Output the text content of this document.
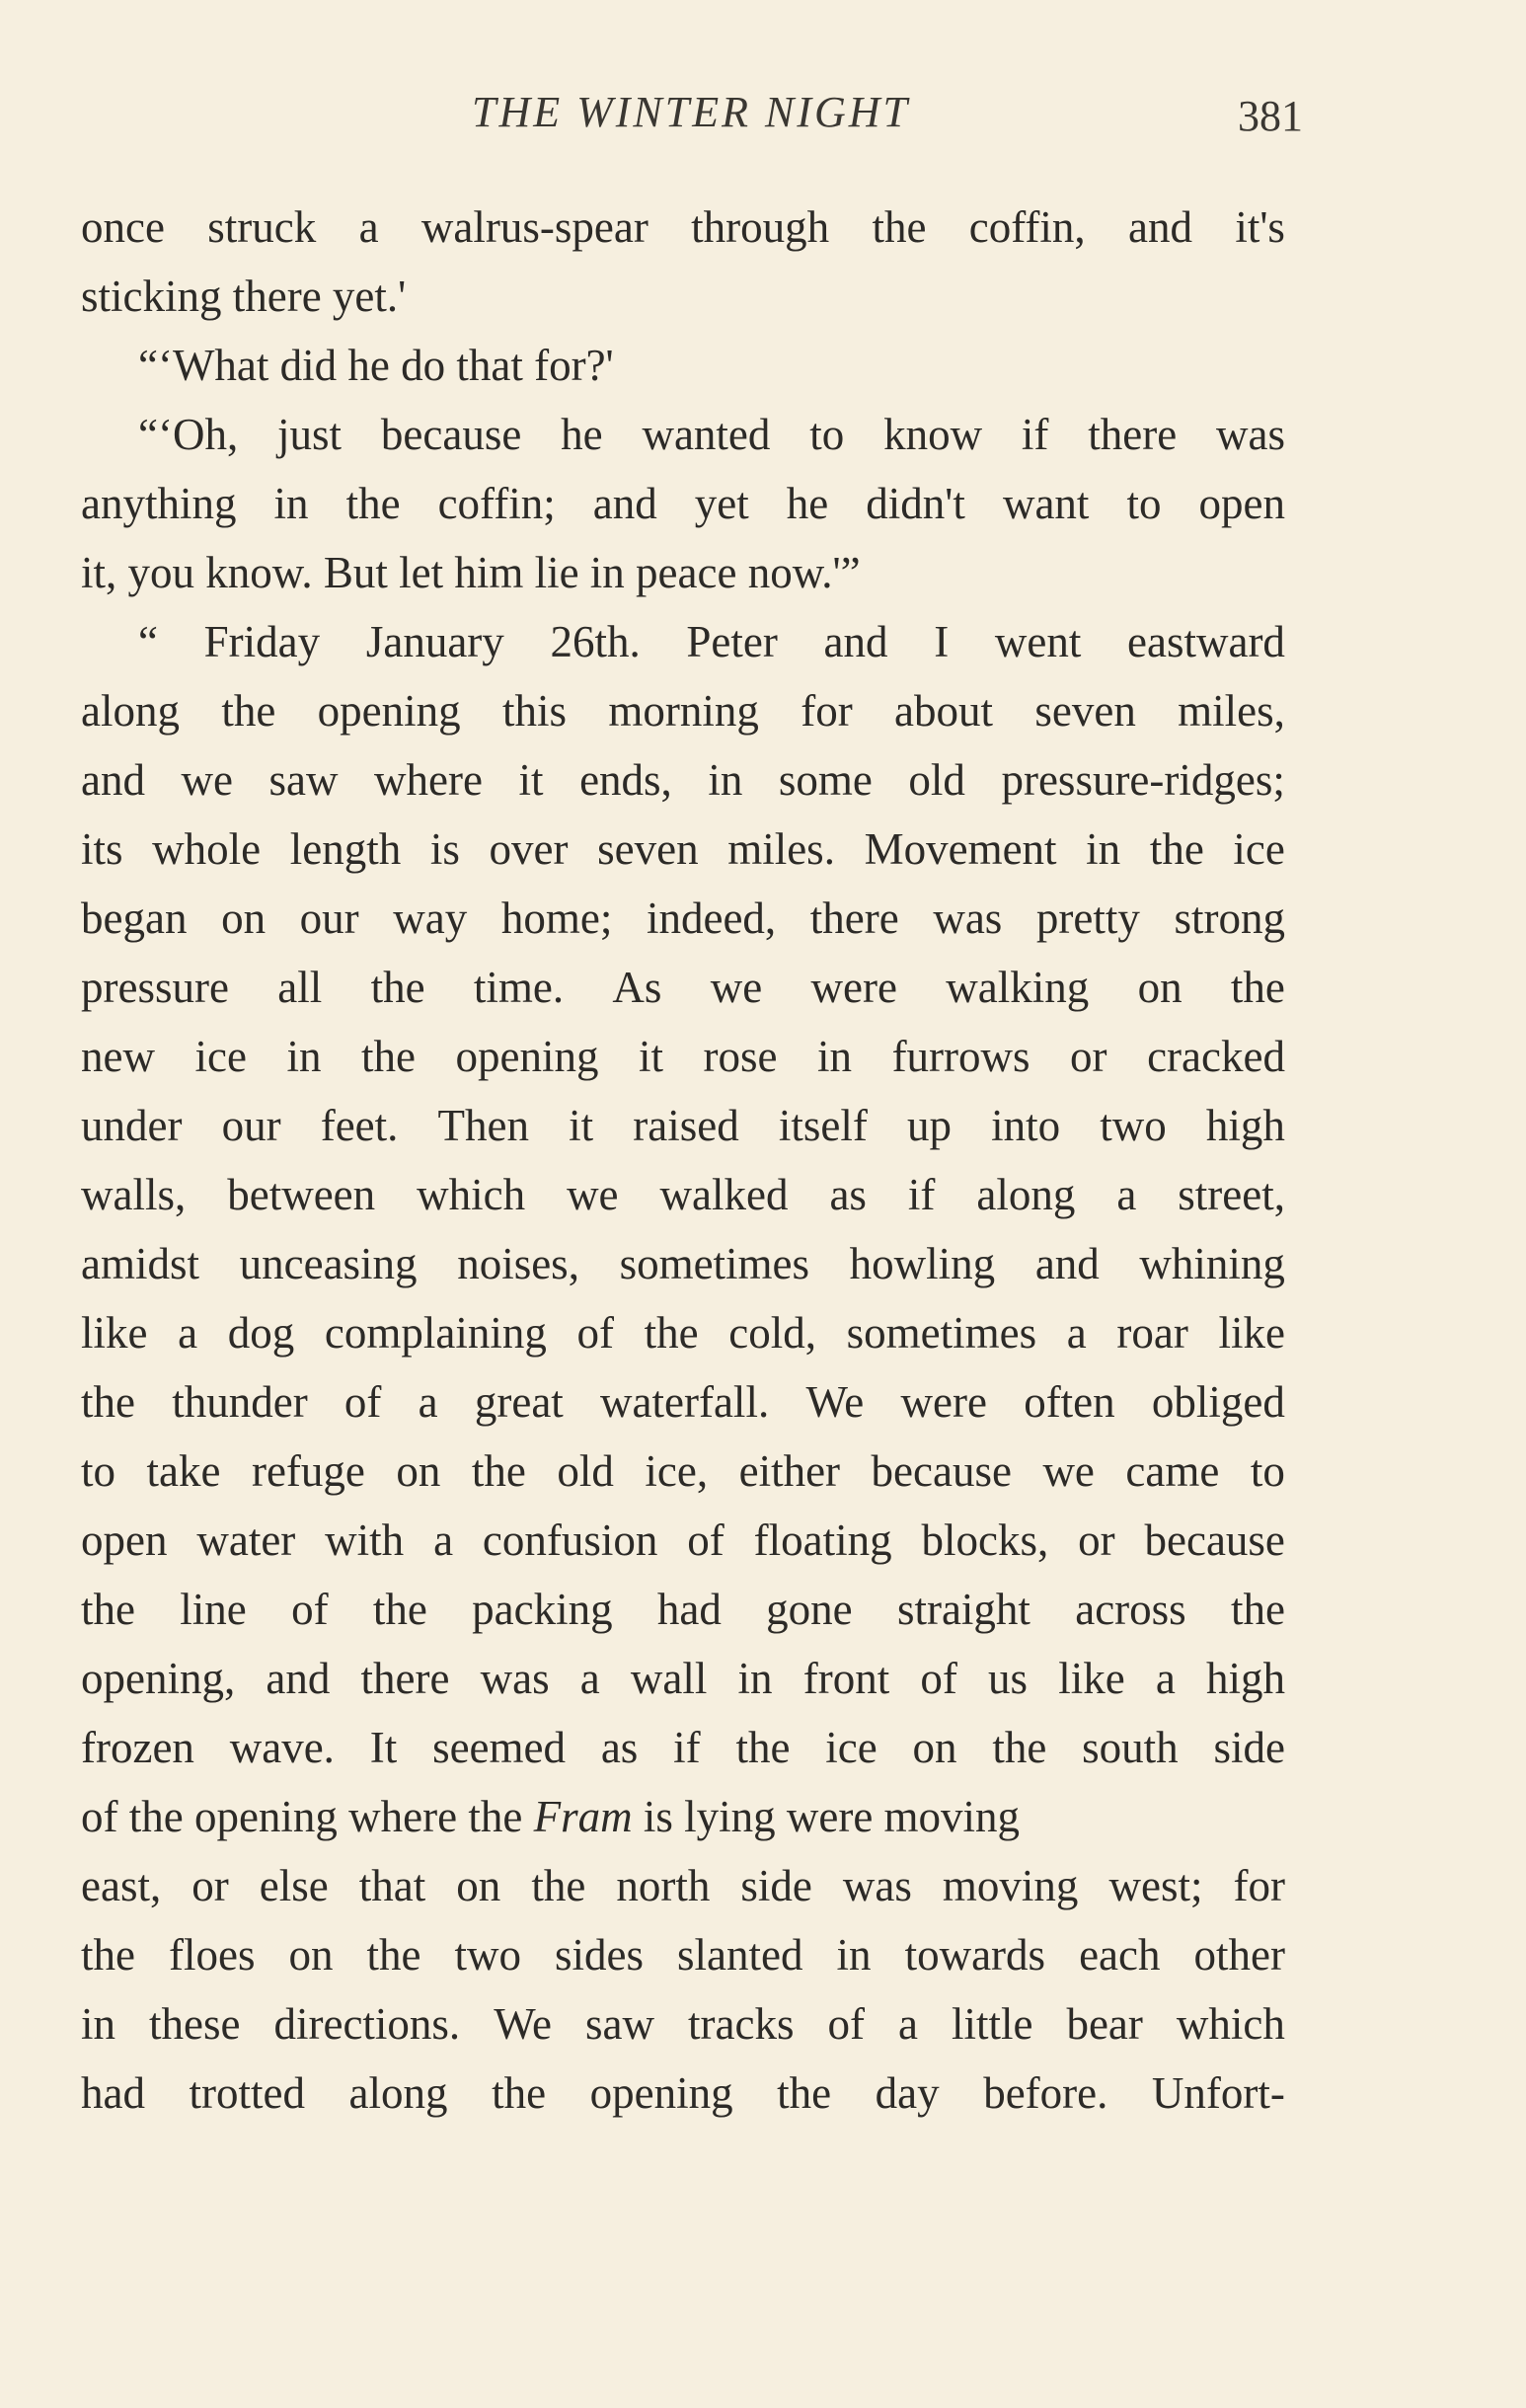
THE WINTER NIGHT	381
once struck a walrus-spear through the coffin, and it's
sticking there yet.'
“‘What did he do that for?'
“‘Oh, just because he wanted to know if there was
anything in the coffin; and yet he didn't want to open
it, you know. But let him lie in peace now.'”
“ Friday January 26th. Peter and I went eastward
along the opening this morning for about seven miles,
and we saw where it ends, in some old pressure-ridges;
its whole length is over seven miles. Movement in the ice
began on our way home; indeed, there was pretty strong
pressure all the time. As we were walking on the
new ice in the opening it rose in furrows or cracked
under our feet. Then it raised itself up into two high
walls, between which we walked as if along a street,
amidst unceasing noises, sometimes howling and whining
like a dog complaining of the cold, sometimes a roar like
the thunder of a great waterfall. We were often obliged
to take refuge on the old ice, either because we came to
open water with a confusion of floating blocks, or because
the line of the packing had gone straight across the
opening, and there was a wall in front of us like a high
frozen wave. It seemed as if the ice on the south side
of the opening where the Fram is lying were moving
east, or else that on the north side was moving west; for
the floes on the two sides slanted in towards each other
in these directions. We saw tracks of a little bear which
had trotted along the opening the day before. Unfort-
